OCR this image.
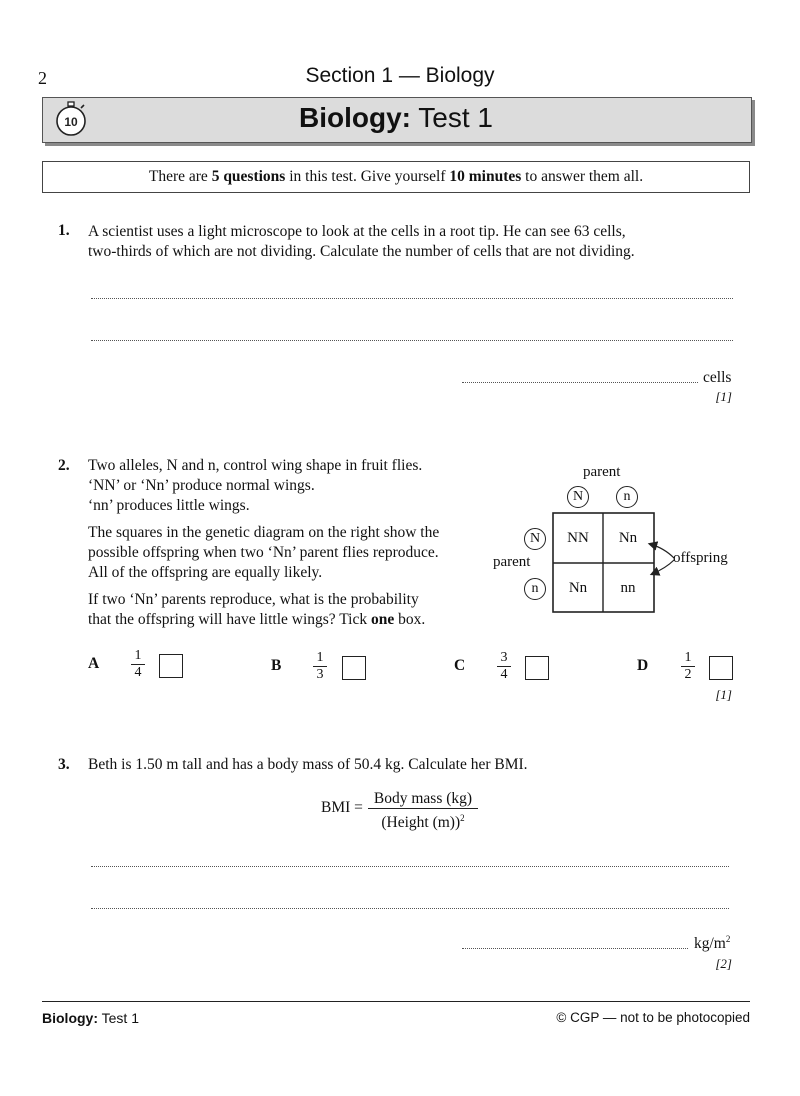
2	Section 1 — Biology
10	Biology: Test 1
There are 5 questions in this test. Give yourself 10 minutes to answer them all.
1. A scientist uses a light microscope to look at the cells in a root tip. He can see 63 cells,
two-thirds of which are not dividing. Calculate the number of cells that are not dividing.
cells
[1]
2. Two alleles, N and n, control wing shape in fruit flies.
‘NN’ or ‘Nn’ produce normal wings.
‘nn’ produces little wings.
The squares in the genetic diagram on the right show the
possible offspring when two ‘Nn’ parent flies reproduce.
All of the offspring are equally likely.
If two ‘Nn’ parents reproduce, what is the probability
that the offspring will have little wings? Tick one box.
parent
N	n
N
n
parent
NN	Nn
Nn	nn
offspring
A $\frac{1}{4}$	B $\frac{1}{3}$	C $\frac{3}{4}$	D $\frac{1}{2}$
[1]
3. Beth is 1.50 m tall and has a body mass of 50.4 kg. Calculate her BMI.
BMI =
Body mass (kg)
(Height (m))$^2$
$kg/m^2$
[2]
Biology: Test 1	© CGP — not to be photocopied
